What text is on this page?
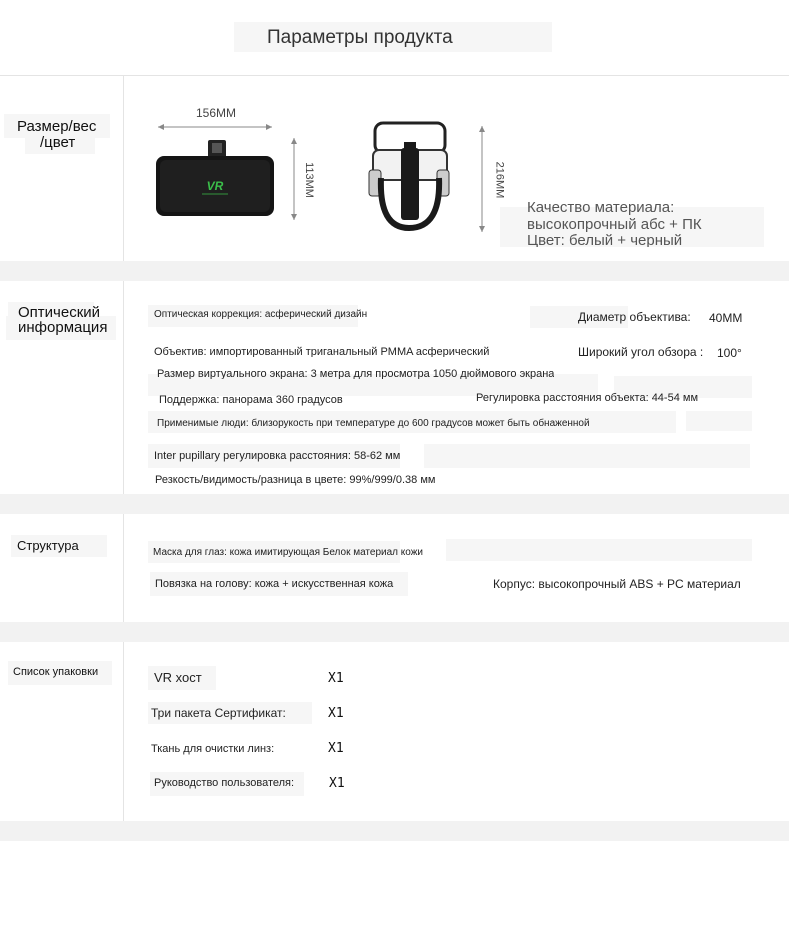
Параметры продукта
Размер/вес
/цвет
156MM
113MM	216MM
VR
Качество материала:
высокопрочный абс + ПК
Цвет: белый + черный
Оптический
информация
Оптическая коррекция: асферический дизайн	Диаметр объектива: 40MM
Объектив: импортированный триганальный PMMA асферический	Широкий угол обзора : 100°
Размер виртуального экрана: 3 метра для просмотра 1050 дюймового экрана
Поддержка: панорама 360 градусов	Регулировка расстояния объекта: 44-54 мм
Применимые люди: близорукость при температуре до 600 градусов может быть обнаженной
Inter pupillary регулировка расстояния: 58-62 мм
Резкость/видимость/разница в цвете: 99%/999/0.38 мм
Структура	Маска для глаз: кожа имитирующая Белок материал кожи
Повязка на голову: кожа + искусственная кожа	Корпус: высокопрочный ABS + PC материал
Список упаковки	VR хост	X1
Три пакета Сертификат:	X1
Ткань для очистки линз:	X1
Руководство пользователя:	X1
